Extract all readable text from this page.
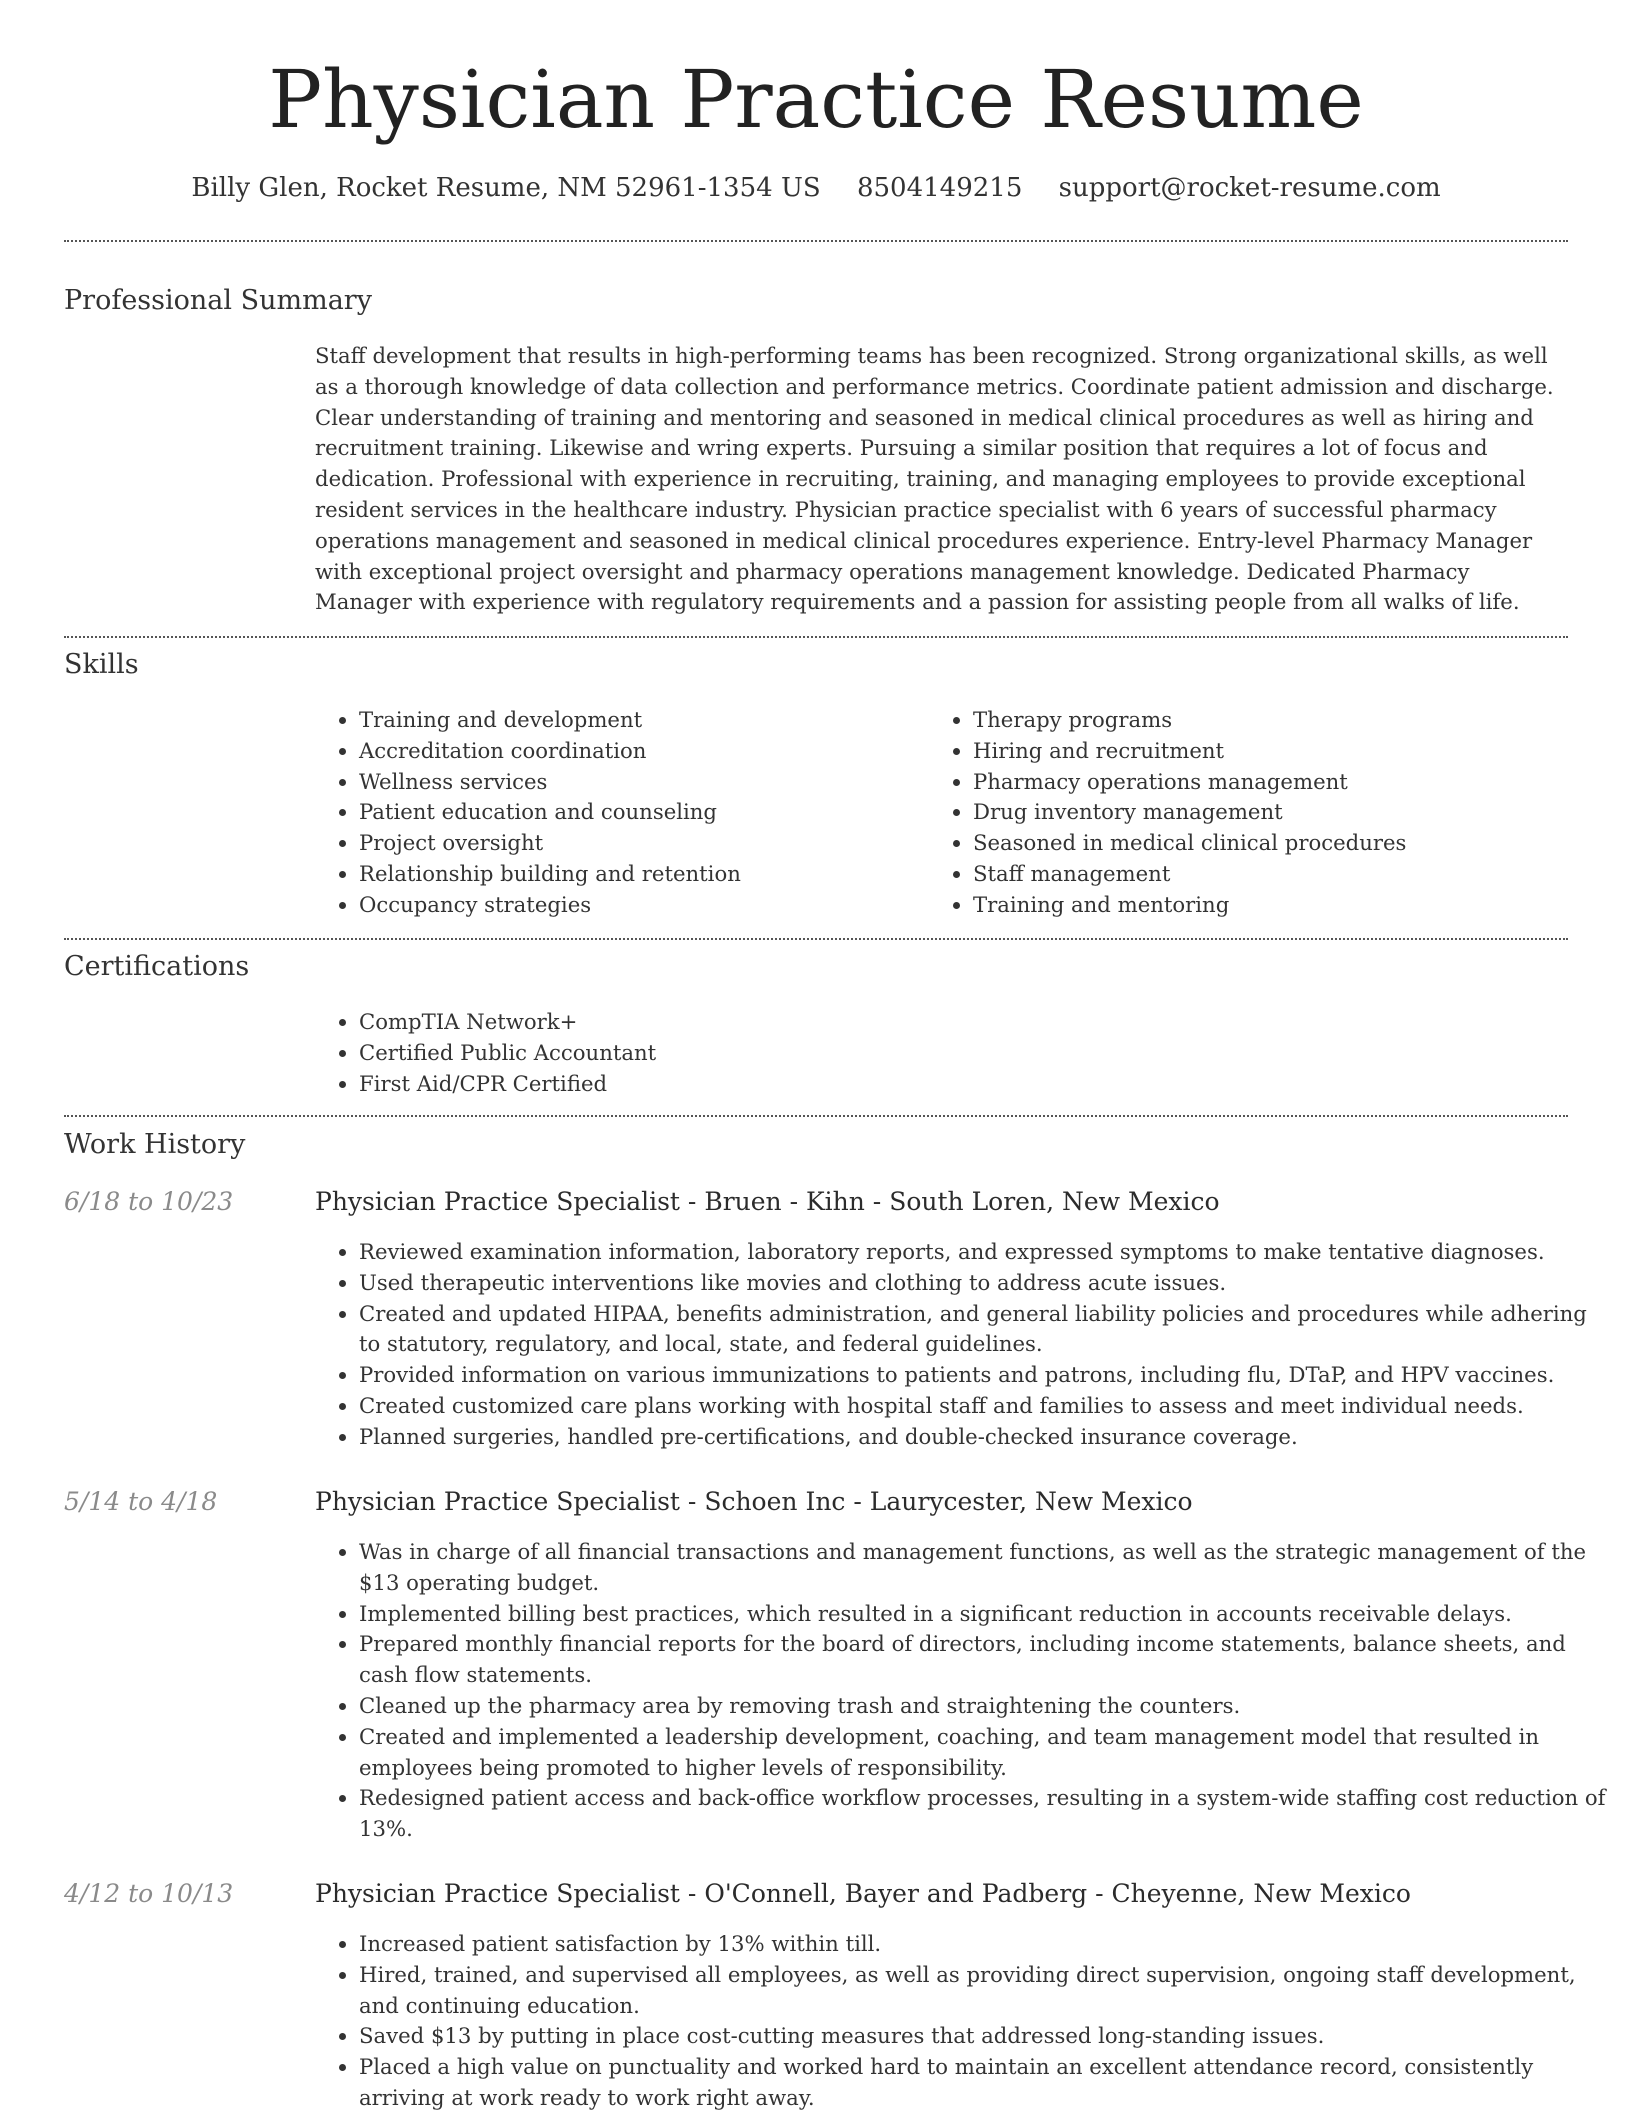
Physician Practice Resume
Billy Glen, Rocket Resume, NM 52961-1354 US 8504149215 support@rocket-resume.com
Professional Summary

Staff development that results in high-performing teams has been recognized. Strong organizational skills, as well as a thorough knowledge of data collection and performance metrics. Coordinate patient admission and discharge. Clear understanding of training and mentoring and seasoned in medical clinical procedures as well as hiring and recruitment training. Likewise and wring experts. Pursuing a similar position that requires a lot of focus and dedication. Professional with experience in recruiting, training, and managing employees to provide exceptional resident services in the healthcare industry. Physician practice specialist with 6 years of successful pharmacy operations management and seasoned in medical clinical procedures experience. Entry-level Pharmacy Manager with exceptional project oversight and pharmacy operations management knowledge. Dedicated Pharmacy Manager with experience with regulatory requirements and a passion for assisting people from all walks of life.

Skills
• Training and development
• Accreditation coordination
• Wellness services
• Patient education and counseling
• Project oversight
• Relationship building and retention
• Occupancy strategies
• Therapy programs
• Hiring and recruitment
• Pharmacy operations management
• Drug inventory management
• Seasoned in medical clinical procedures
• Staff management
• Training and mentoring
Certifications
• CompTIA Network+
• Certified Public Accountant
• First Aid/CPR Certified
Work History
6/18 to 10/23	Physician Practice Specialist - Bruen - Kihn - South Loren, New Mexico
• Reviewed examination information, laboratory reports, and expressed symptoms to make tentative diagnoses.
• Used therapeutic interventions like movies and clothing to address acute issues.
• Created and updated HIPAA, benefits administration, and general liability policies and procedures while adhering to statutory, regulatory, and local, state, and federal guidelines.
• Provided information on various immunizations to patients and patrons, including flu, DTaP, and HPV vaccines.
• Created customized care plans working with hospital staff and families to assess and meet individual needs.
• Planned surgeries, handled pre-certifications, and double-checked insurance coverage.
5/14 to 4/18	Physician Practice Specialist - Schoen Inc - Laurycester, New Mexico
• Was in charge of all financial transactions and management functions, as well as the strategic management of the $13 operating budget.
• Implemented billing best practices, which resulted in a significant reduction in accounts receivable delays.
• Prepared monthly financial reports for the board of directors, including income statements, balance sheets, and cash flow statements.
• Cleaned up the pharmacy area by removing trash and straightening the counters.
• Created and implemented a leadership development, coaching, and team management model that resulted in employees being promoted to higher levels of responsibility.
• Redesigned patient access and back-office workflow processes, resulting in a system-wide staffing cost reduction of 13%.
4/12 to 10/13	Physician Practice Specialist - O'Connell, Bayer and Padberg - Cheyenne, New Mexico
• Increased patient satisfaction by 13% within till.
• Hired, trained, and supervised all employees, as well as providing direct supervision, ongoing staff development, and continuing education.
• Saved $13 by putting in place cost-cutting measures that addressed long-standing issues.
• Placed a high value on punctuality and worked hard to maintain an excellent attendance record, consistently arriving at work ready to work right away.
